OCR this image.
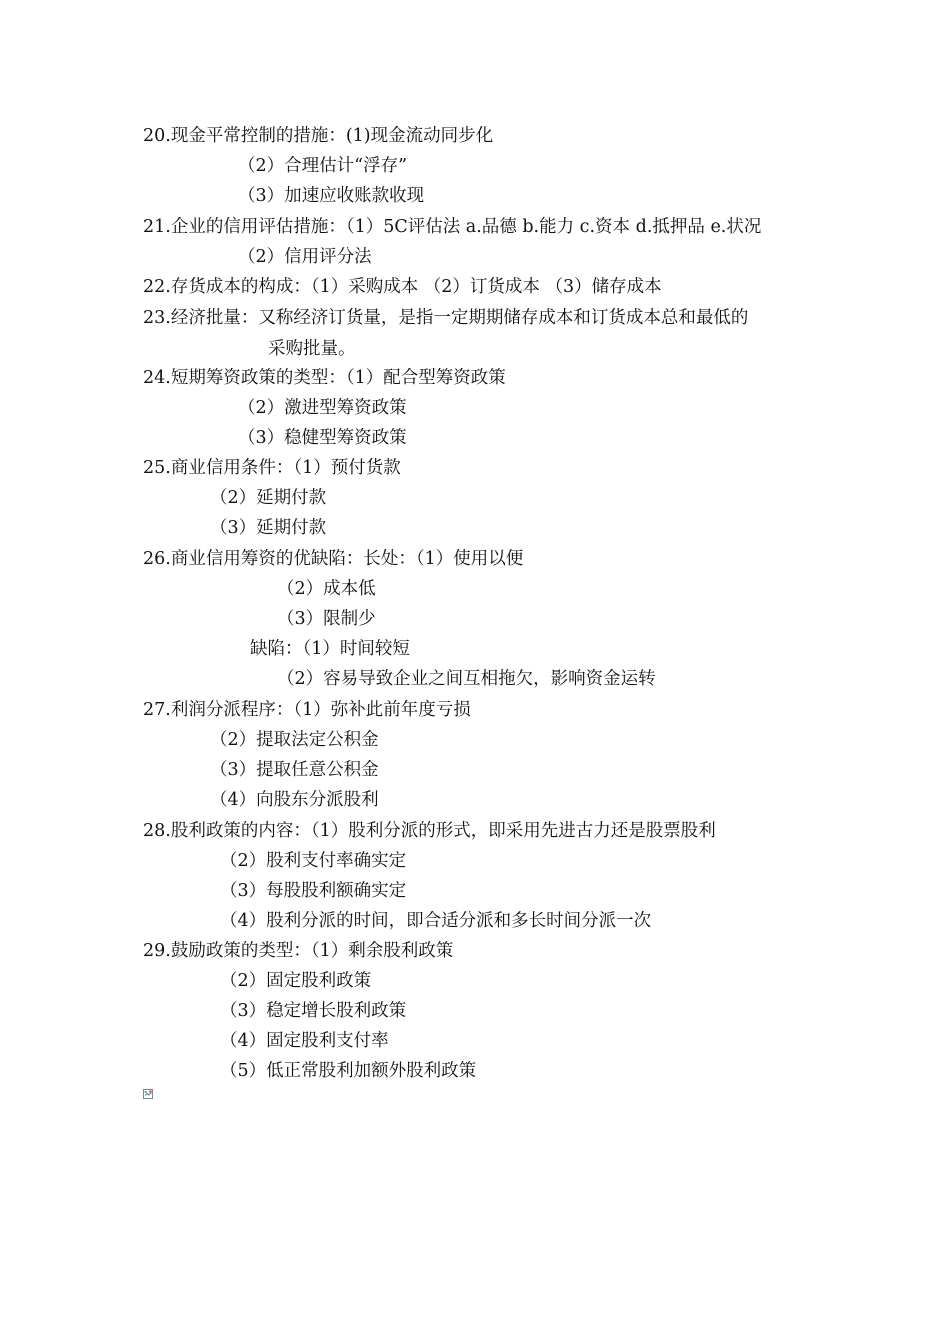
20.现金平常控制的措施：(1)现金流动同步化
（2）合理估计“浮存”
（3）加速应收账款收现
21.企业的信用评估措施：（1）5C评估法 a.品德 b.能力 c.资本 d.抵押品 e.状况
（2）信用评分法
22.存货成本的构成：（1）采购成本 （2）订货成本 （3）储存成本
23.经济批量：又称经济订货量，是指一定期期储存成本和订货成本总和最低的
采购批量。
24.短期筹资政策的类型：（1）配合型筹资政策
（2）激进型筹资政策
（3）稳健型筹资政策
25.商业信用条件：（1）预付货款
（2）延期付款
（3）延期付款
26.商业信用筹资的优缺陷：长处：（1）使用以便
（2）成本低
（3）限制少
缺陷：（1）时间较短
（2）容易导致企业之间互相拖欠，影响资金运转
27.利润分派程序：（1）弥补此前年度亏损
（2）提取法定公积金
（3）提取任意公积金
（4）向股东分派股利
28.股利政策的内容：（1）股利分派的形式，即采用先进古力还是股票股利
（2）股利支付率确实定
（3）每股股利额确实定
（4）股利分派的时间，即合适分派和多长时间分派一次
29.鼓励政策的类型：（1）剩余股利政策
（2）固定股利政策
（3）稳定增长股利政策
（4）固定股利支付率
（5）低正常股利加额外股利政策
